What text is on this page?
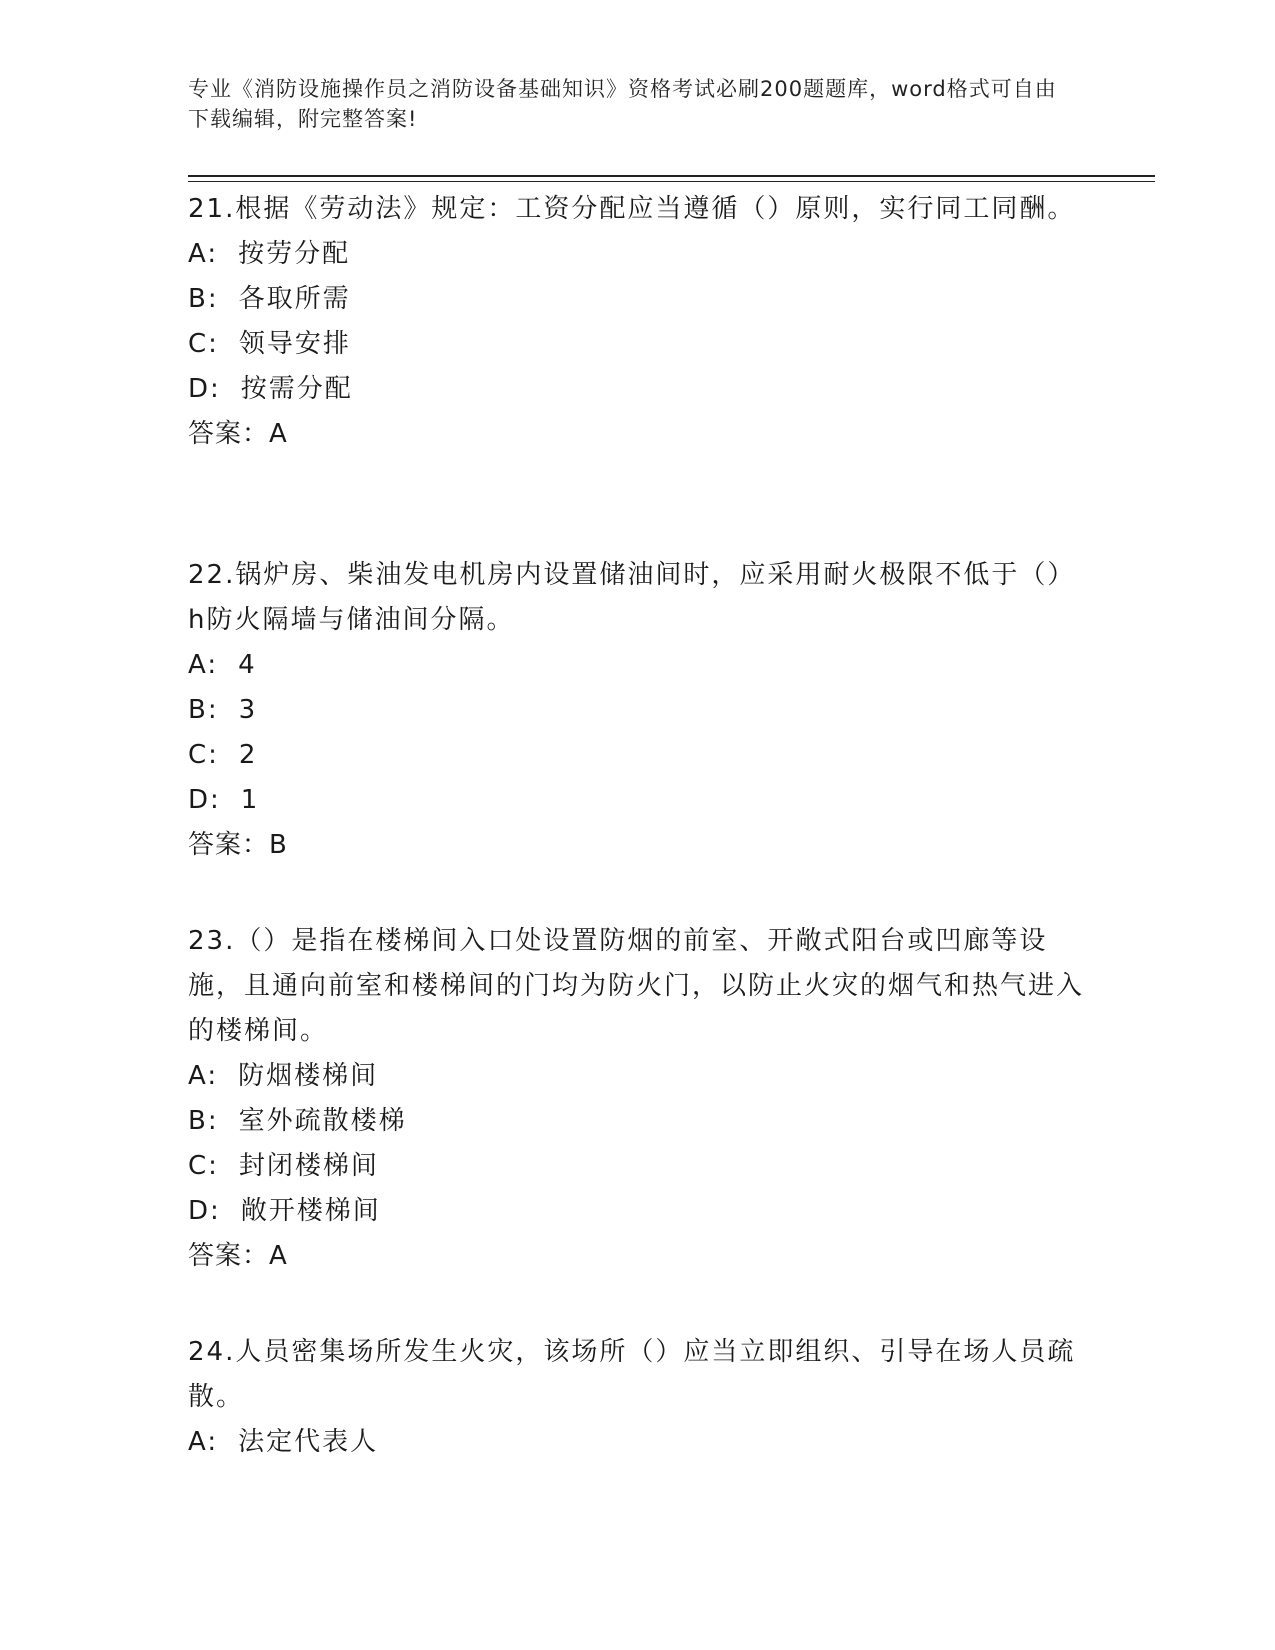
专业《消防设施操作员之消防设备基础知识》资格考试必刷200题题库，word格式可自由下载编辑，附完整答案!

21.根据《劳动法》规定：工资分配应当遵循（）原则，实行同工同酬。

A: 按劳分配

B: 各取所需

C: 领导安排

D: 按需分配

答案：A

22.锅炉房、柴油发电机房内设置储油间时，应采用耐火极限不低于（）h防火隔墙与储油间分隔。

A: 4

B: 3

C: 2

D: 1

答案：B

23.（）是指在楼梯间入口处设置防烟的前室、开敞式阳台或凹廊等设施，且通向前室和楼梯间的门均为防火门，以防止火灾的烟气和热气进入的楼梯间。

A: 防烟楼梯间

B: 室外疏散楼梯

C: 封闭楼梯间

D: 敞开楼梯间

答案：A

24.人员密集场所发生火灾，该场所（）应当立即组织、引导在场人员疏散。

A: 法定代表人
